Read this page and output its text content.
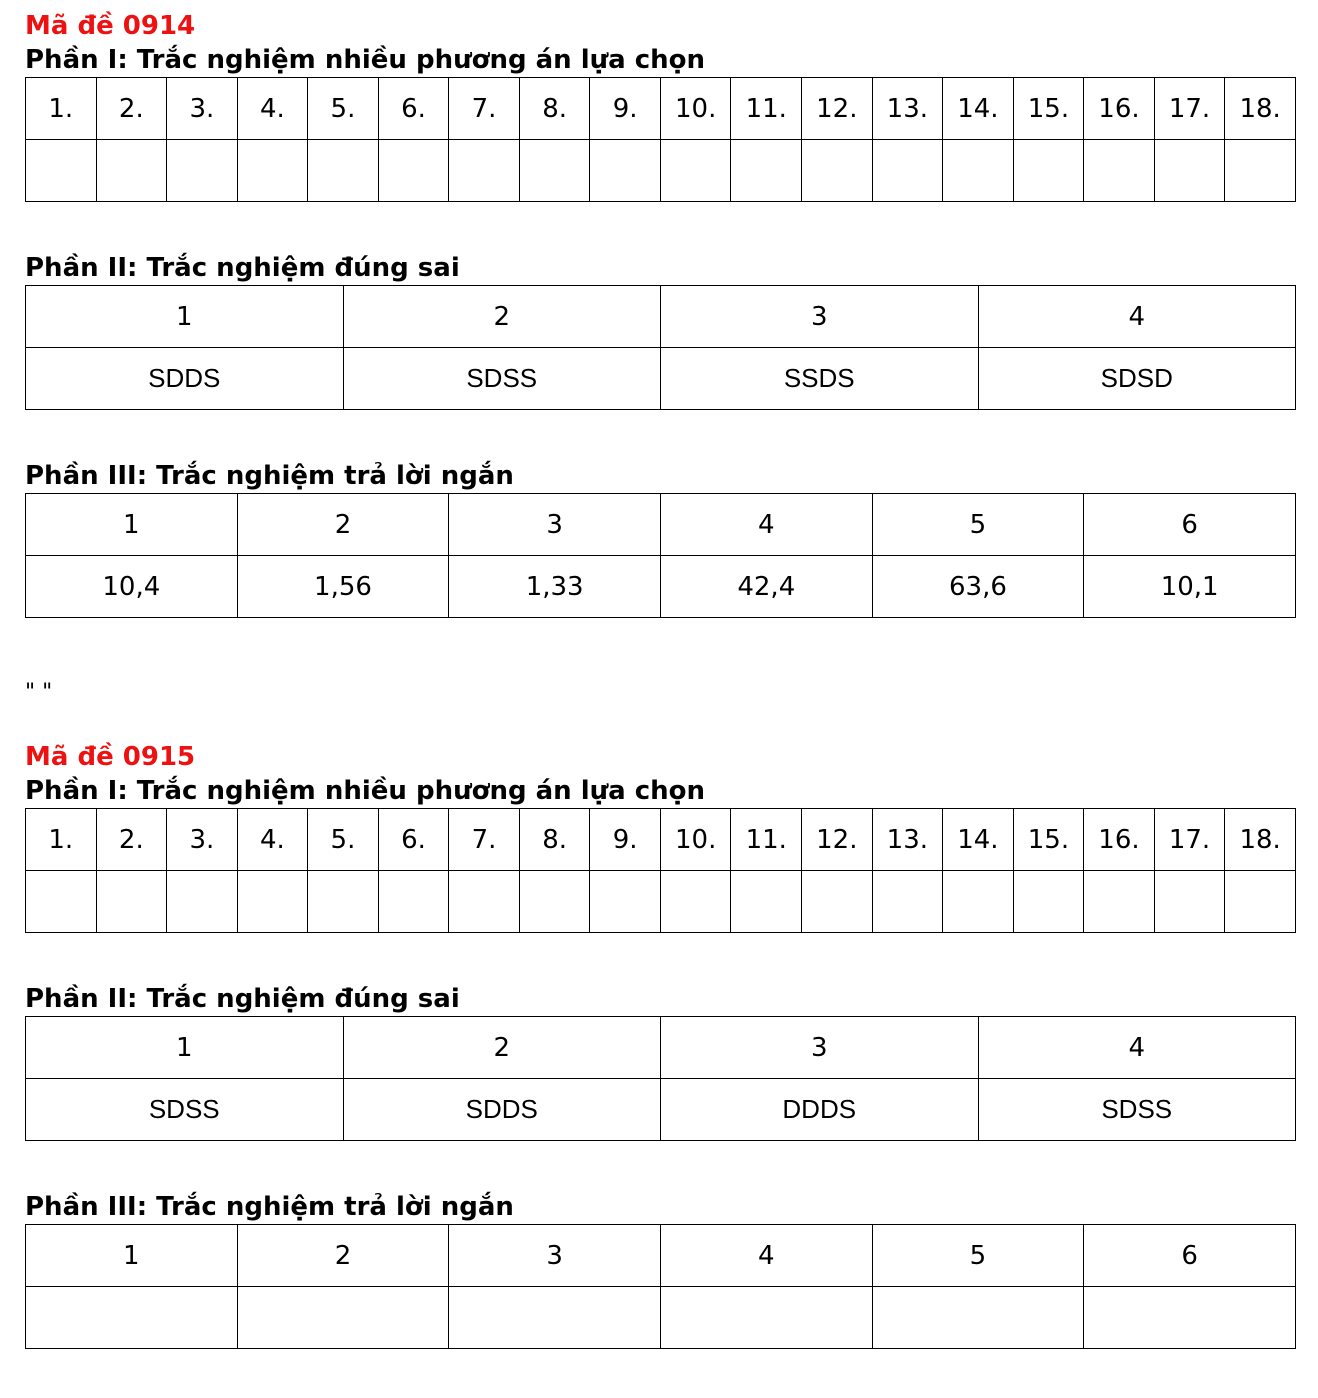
Mã đề 0914
Phần I: Trắc nghiệm nhiều phương án lựa chọn
1.	2.	3.	4.	5.	6.	7.	8.	9.	10.	11.	12.	13.	14.	15.	16.	17.	18.

Phần II: Trắc nghiệm đúng sai
1	2	3	4
SDDS	SDSS	SSDS	SDSD
Phần III: Trắc nghiệm trả lời ngắn
1	2	3	4	5	6
10,4	1,56	1,33	42,4	63,6	10,1
" "
Mã đề 0915
Phần I: Trắc nghiệm nhiều phương án lựa chọn
1.	2.	3.	4.	5.	6.	7.	8.	9.	10.	11.	12.	13.	14.	15.	16.	17.	18.

Phần II: Trắc nghiệm đúng sai
1	2	3	4
SDSS	SDDS	DDDS	SDSS
Phần III: Trắc nghiệm trả lời ngắn
1	2	3	4	5	6
